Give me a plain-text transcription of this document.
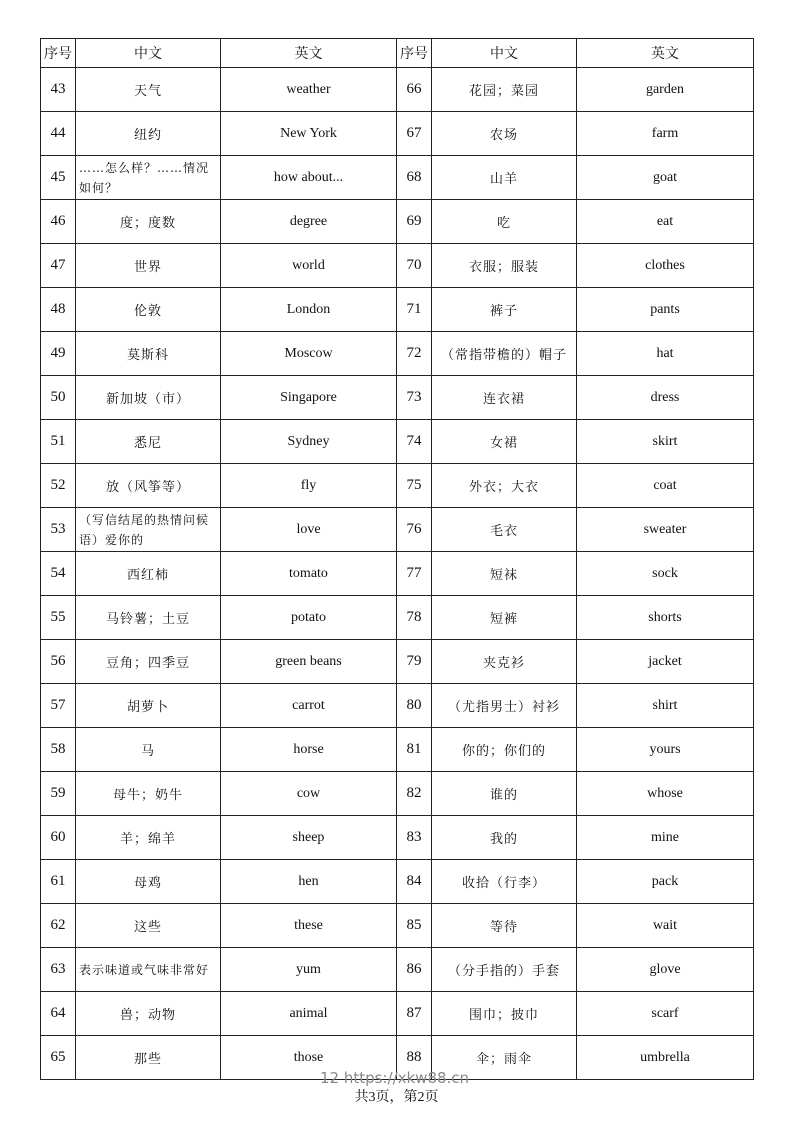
序号	中文	英文	序号	中文	英文
43	天气	weather	66	花园；菜园	garden
44	纽约	New York	67	农场	farm
45	……怎么样？……情况如何？	how about...	68	山羊	goat
46	度；度数	degree	69	吃	eat
47	世界	world	70	衣服；服装	clothes
48	伦敦	London	71	裤子	pants
49	莫斯科	Moscow	72	（常指带檐的）帽子	hat
50	新加坡（市）	Singapore	73	连衣裙	dress
51	悉尼	Sydney	74	女裙	skirt
52	放（风筝等）	fly	75	外衣；大衣	coat
53	（写信结尾的热情问候语）爱你的	love	76	毛衣	sweater
54	西红柿	tomato	77	短袜	sock
55	马铃薯；土豆	potato	78	短裤	shorts
56	豆角；四季豆	green beans	79	夹克衫	jacket
57	胡萝卜	carrot	80	（尤指男士）衬衫	shirt
58	马	horse	81	你的；你们的	yours
59	母牛；奶牛	cow	82	谁的	whose
60	羊；绵羊	sheep	83	我的	mine
61	母鸡	hen	84	收拾（行李）	pack
62	这些	these	85	等待	wait
63	表示味道或气味非常好	yum	86	（分手指的）手套	glove
64	兽；动物	animal	87	围巾；披巾	scarf
65	那些	those	88	伞；雨伞	umbrella
12 https://xkw88.cn
共3页，第2页
